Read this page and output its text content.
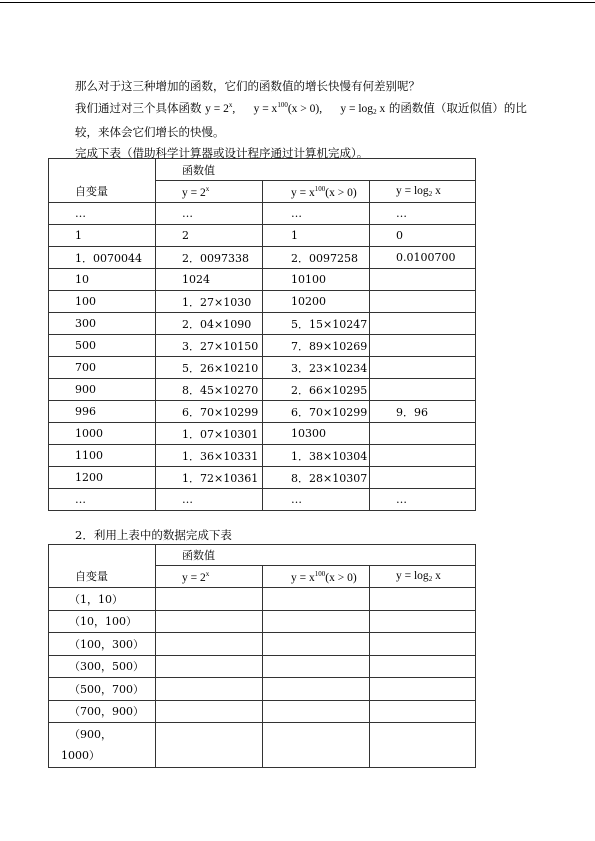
那么对于这三种增加的函数，它们的函数值的增长快慢有何差别呢？
我们通过对三个具体函数 $y = 2^x$, $y = x^{100}(x > 0)$, $y = \log_2 x$ 的函数值（取近似值）的比
较，来体会它们增长的快慢。
完成下表（借助科学计算器或设计程序通过计算机完成）。
自变量	函数值		
	$y = 2^x$	$y = x^{100}(x > 0)$	$y = \log_2 x$
…	…	…	…
1	2	1	0
1．0070044	2．0097338	2．0097258	0.0100700
10	1024	10100	
100	1．27×1030	10200	
300	2．04×1090	5．15×10247	
500	3．27×10150	7．89×10269	
700	5．26×10210	3．23×10234	
900	8．45×10270	2．66×10295	
996	6．70×10299	6．70×10299	9．96
1000	1．07×10301	10300	
1100	1．36×10331	1．38×10304	
1200	1．72×10361	8．28×10307	
…	…	…	…
2．利用上表中的数据完成下表
自变量	函数值		
	$y = 2^x$	$y = x^{100}(x > 0)$	$y = \log_2 x$
（1，10）			
（10，100）			
（100，300）			
（300，500）			
（500，700）			
（700，900）			
（900，
1000）			
